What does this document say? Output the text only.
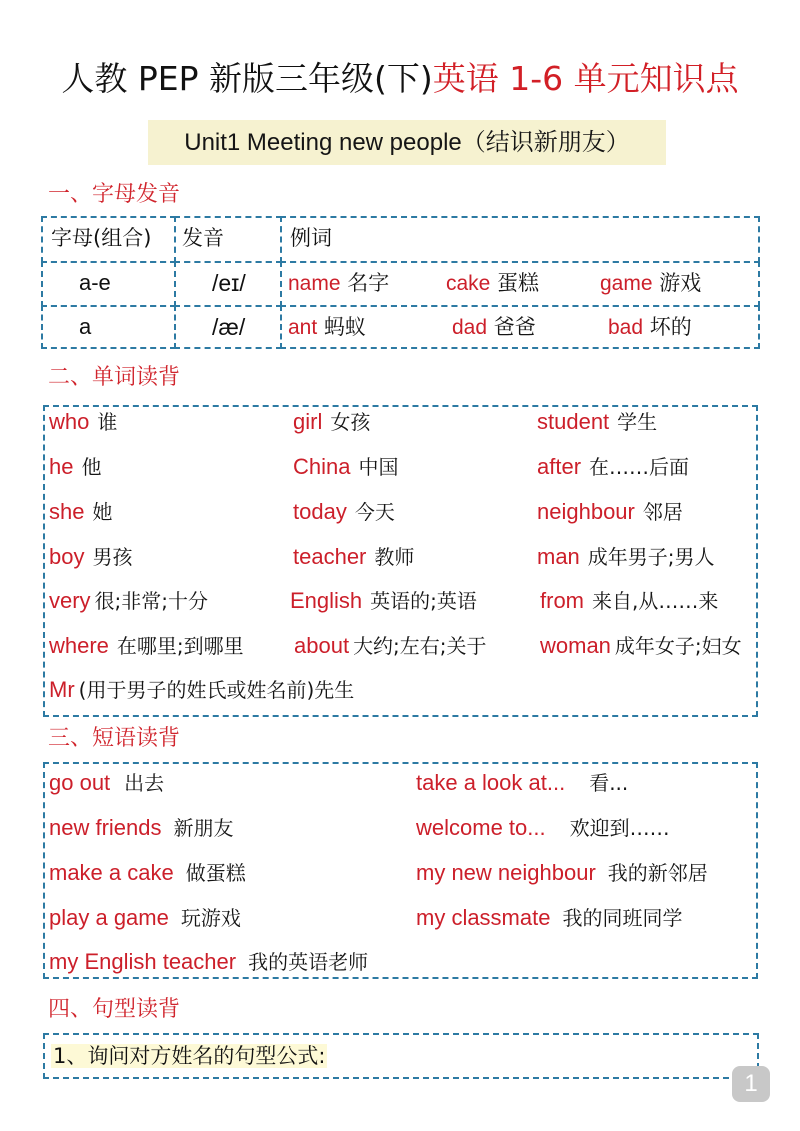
人教 PEP 新版三年级(下)英语 1-6 单元知识点
Unit1 Meeting new people（结识新朋友）
一、字母发音
字母(组合)	发音	例词
a-e	/eɪ/	name 名字	cake 蛋糕	game 游戏
a	/æ/	ant 蚂蚁	dad 爸爸	bad 坏的
二、单词读背
who 谁	girl 女孩	student 学生
he 他	China 中国	after 在……后面
she 她	today 今天	neighbour 邻居
boy 男孩	teacher 教师	man 成年男子;男人
very 很;非常;十分	English 英语的;英语	from 来自,从……来
where 在哪里;到哪里 about 大约;左右;关于 woman 成年女子;妇女
Mr (用于男子的姓氏或姓名前)先生
三、短语读背
go out 出去	take a look at... 看...
new friends 新朋友	welcome to... 欢迎到……
make a cake 做蛋糕	my new neighbour 我的新邻居
play a game 玩游戏	my classmate 我的同班同学
my English teacher 我的英语老师
四、句型读背
1、询问对方姓名的句型公式:
1
